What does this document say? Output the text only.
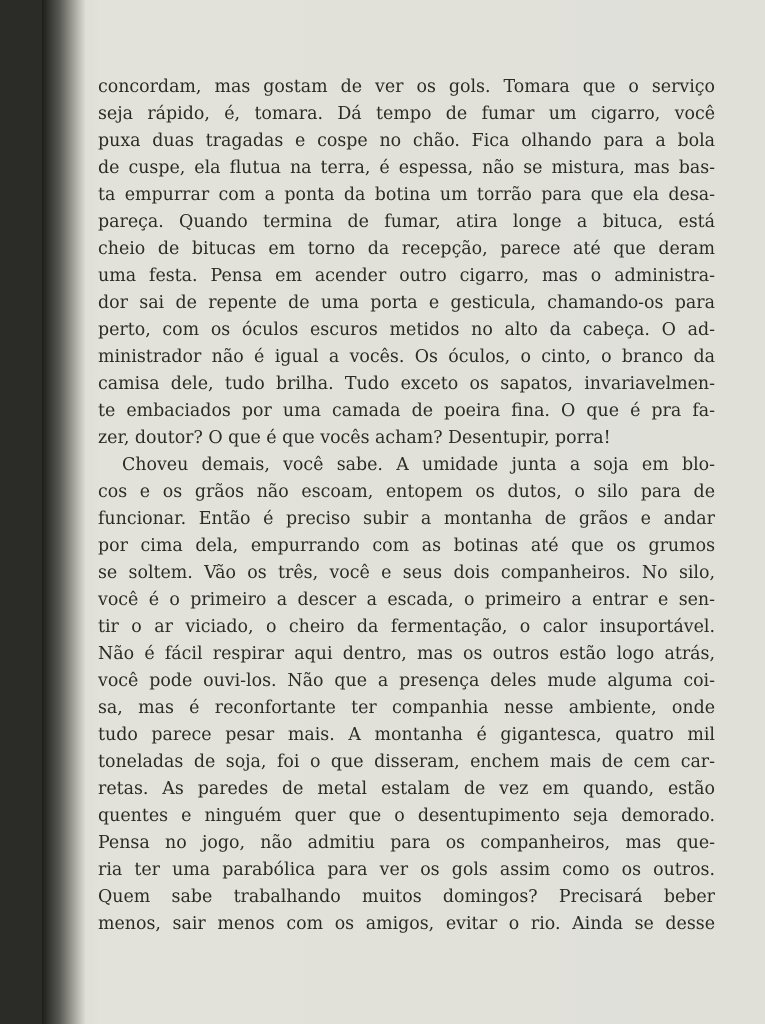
concordam, mas gostam de ver os gols. Tomara que o serviço
seja rápido, é, tomara. Dá tempo de fumar um cigarro, você
puxa duas tragadas e cospe no chão. Fica olhando para a bola
de cuspe, ela flutua na terra, é espessa, não se mistura, mas bas-
ta empurrar com a ponta da botina um torrão para que ela desa-
pareça. Quando termina de fumar, atira longe a bituca, está
cheio de bitucas em torno da recepção, parece até que deram
uma festa. Pensa em acender outro cigarro, mas o administra-
dor sai de repente de uma porta e gesticula, chamando-os para
perto, com os óculos escuros metidos no alto da cabeça. O ad-
ministrador não é igual a vocês. Os óculos, o cinto, o branco da
camisa dele, tudo brilha. Tudo exceto os sapatos, invariavelmen-
te embaciados por uma camada de poeira fina. O que é pra fa-
zer, doutor? O que é que vocês acham? Desentupir, porra!
Choveu demais, você sabe. A umidade junta a soja em blo-
cos e os grãos não escoam, entopem os dutos, o silo para de
funcionar. Então é preciso subir a montanha de grãos e andar
por cima dela, empurrando com as botinas até que os grumos
se soltem. Vão os três, você e seus dois companheiros. No silo,
você é o primeiro a descer a escada, o primeiro a entrar e sen-
tir o ar viciado, o cheiro da fermentação, o calor insuportável.
Não é fácil respirar aqui dentro, mas os outros estão logo atrás,
você pode ouvi-los. Não que a presença deles mude alguma coi-
sa, mas é reconfortante ter companhia nesse ambiente, onde
tudo parece pesar mais. A montanha é gigantesca, quatro mil
toneladas de soja, foi o que disseram, enchem mais de cem car-
retas. As paredes de metal estalam de vez em quando, estão
quentes e ninguém quer que o desentupimento seja demorado.
Pensa no jogo, não admitiu para os companheiros, mas que-
ria ter uma parabólica para ver os gols assim como os outros.
Quem sabe trabalhando muitos domingos? Precisará beber
menos, sair menos com os amigos, evitar o rio. Ainda se desse
